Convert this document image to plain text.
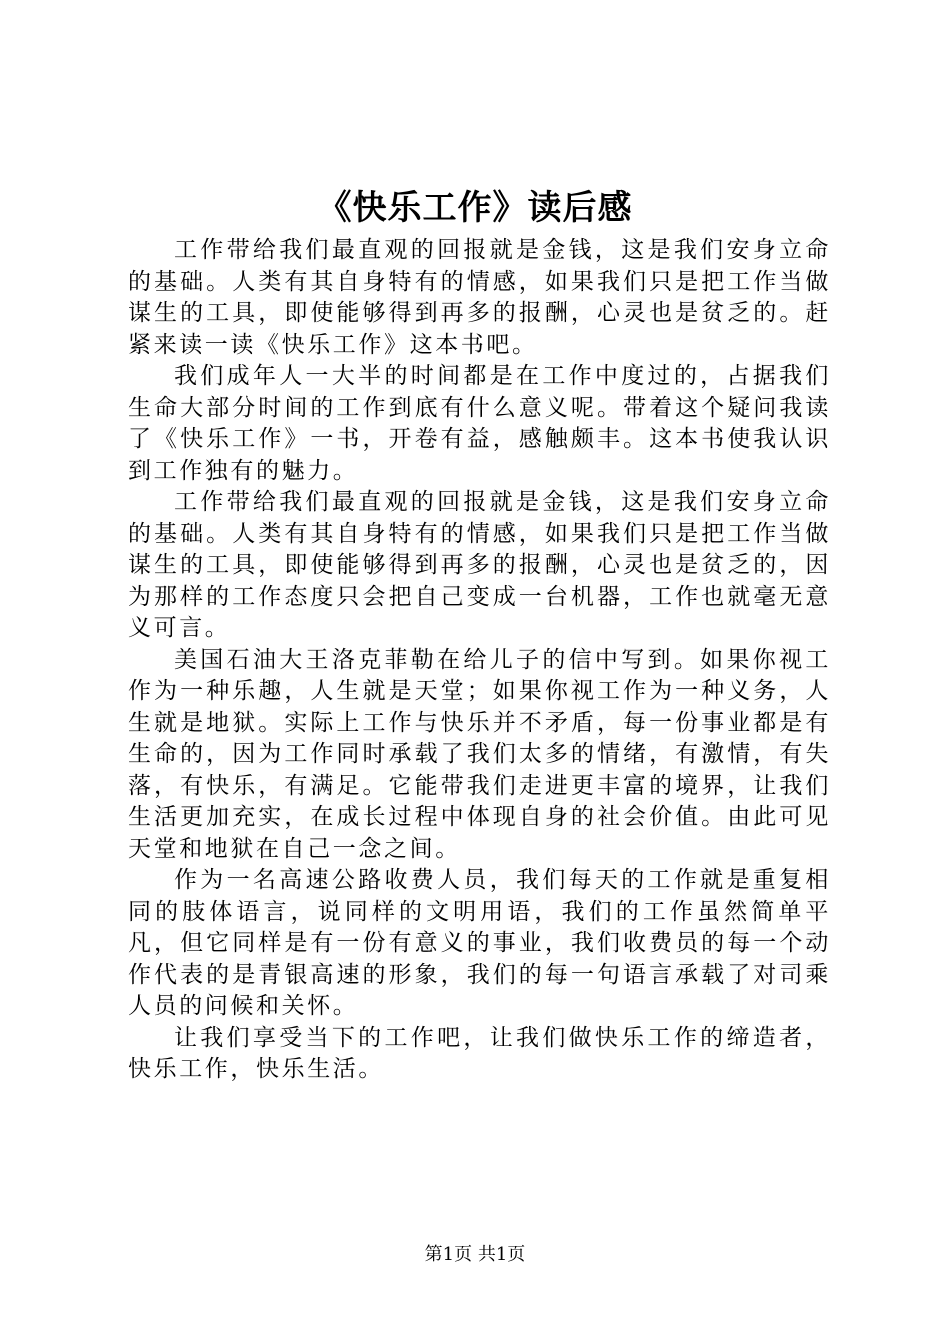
《快乐工作》读后感

工作带给我们最直观的回报就是金钱，这是我们安身立命的基础。人类有其自身特有的情感，如果我们只是把工作当做谋生的工具，即使能够得到再多的报酬，心灵也是贫乏的。赶紧来读一读《快乐工作》这本书吧。

我们成年人一大半的时间都是在工作中度过的，占据我们生命大部分时间的工作到底有什么意义呢。带着这个疑问我读了《快乐工作》一书，开卷有益，感触颇丰。这本书使我认识到工作独有的魅力。

工作带给我们最直观的回报就是金钱，这是我们安身立命的基础。人类有其自身特有的情感，如果我们只是把工作当做谋生的工具，即使能够得到再多的报酬，心灵也是贫乏的，因为那样的工作态度只会把自己变成一台机器，工作也就毫无意义可言。

美国石油大王洛克菲勒在给儿子的信中写到。如果你视工作为一种乐趣，人生就是天堂；如果你视工作为一种义务，人生就是地狱。实际上工作与快乐并不矛盾，每一份事业都是有生命的，因为工作同时承载了我们太多的情绪，有激情，有失落，有快乐，有满足。它能带我们走进更丰富的境界，让我们生活更加充实，在成长过程中体现自身的社会价值。由此可见天堂和地狱在自己一念之间。

作为一名高速公路收费人员，我们每天的工作就是重复相同的肢体语言，说同样的文明用语，我们的工作虽然简单平凡，但它同样是有一份有意义的事业，我们收费员的每一个动作代表的是青银高速的形象，我们的每一句语言承载了对司乘人员的问候和关怀。

让我们享受当下的工作吧，让我们做快乐工作的缔造者，快乐工作，快乐生活。

第1页 共1页
